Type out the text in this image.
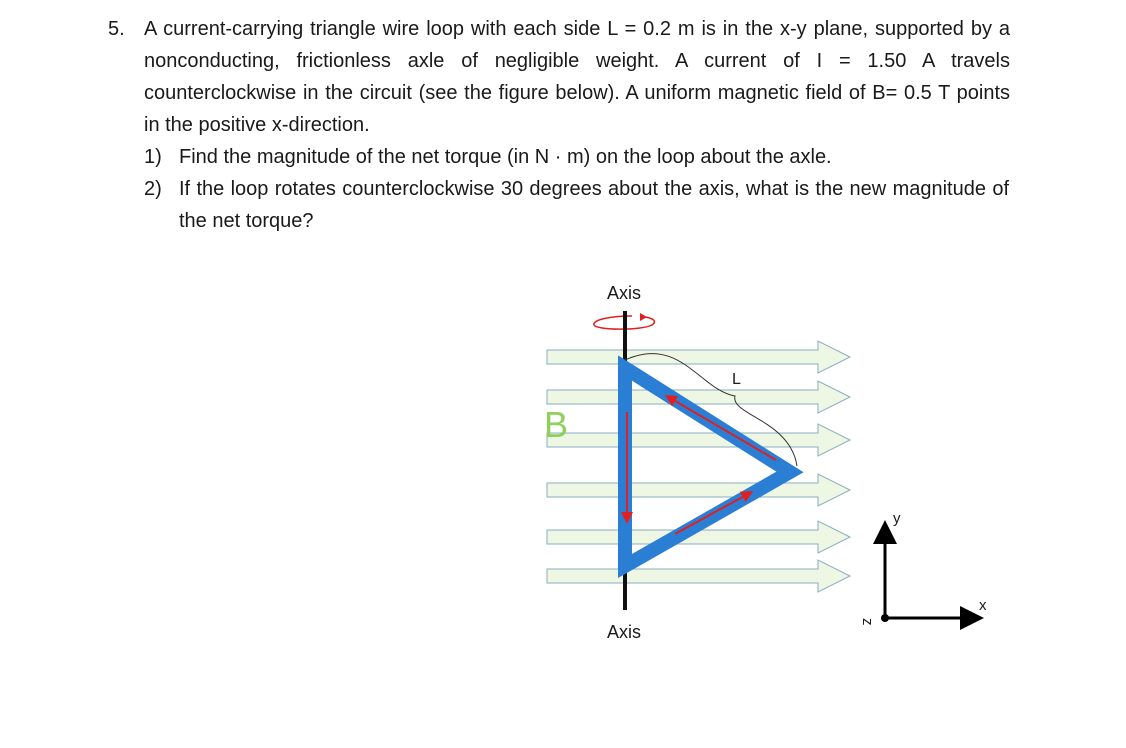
5. A current-carrying triangle wire loop with each side L = 0.2 m is in the x-y plane, supported by a nonconducting, frictionless axle of negligible weight. A current of I = 1.50 A travels counterclockwise in the circuit (see the figure below). A uniform magnetic field of B= 0.5 T points in the positive x-direction.
1) Find the magnitude of the net torque (in N · m) on the loop about the axle.
2) If the loop rotates counterclockwise 30 degrees about the axis, what is the new magnitude of the net torque?
B
Axis
Axis
L
y
x
z
